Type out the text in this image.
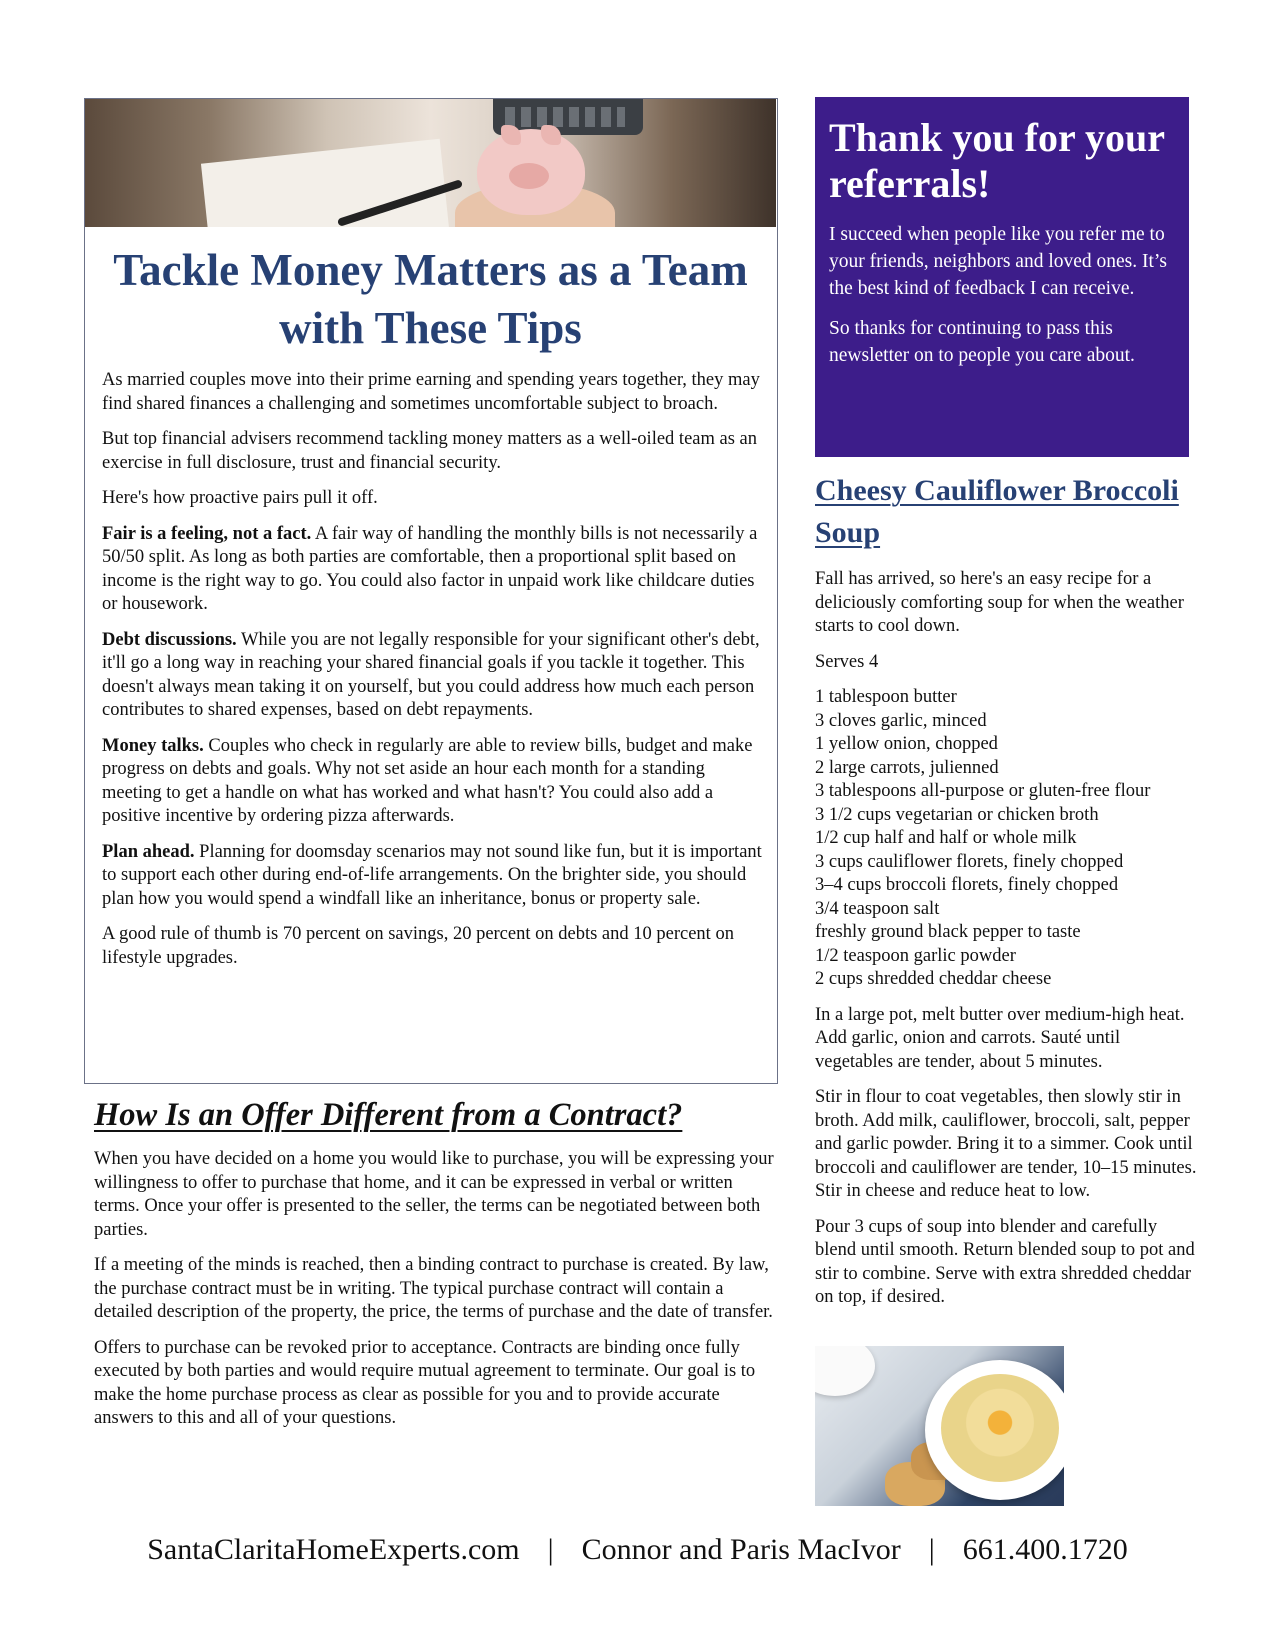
Tackle Money Matters as a Team with These Tips

As married couples move into their prime earning and spending years together, they may find shared finances a challenging and sometimes uncomfortable subject to broach.

But top financial advisers recommend tackling money matters as a well-oiled team as an exercise in full disclosure, trust and financial security.

Here's how proactive pairs pull it off.

Fair is a feeling, not a fact. A fair way of handling the monthly bills is not necessarily a 50/50 split. As long as both parties are comfortable, then a proportional split based on income is the right way to go. You could also factor in unpaid work like childcare duties or housework.

Debt discussions. While you are not legally responsible for your significant other's debt, it'll go a long way in reaching your shared financial goals if you tackle it together. This doesn't always mean taking it on yourself, but you could address how much each person contributes to shared expenses, based on debt repayments.

Money talks. Couples who check in regularly are able to review bills, budget and make progress on debts and goals. Why not set aside an hour each month for a standing meeting to get a handle on what has worked and what hasn't? You could also add a positive incentive by ordering pizza afterwards.

Plan ahead. Planning for doomsday scenarios may not sound like fun, but it is important to support each other during end-of-life arrangements. On the brighter side, you should plan how you would spend a windfall like an inheritance, bonus or property sale.

A good rule of thumb is 70 percent on savings, 20 percent on debts and 10 percent on lifestyle upgrades.

How Is an Offer Different from a Contract?

When you have decided on a home you would like to purchase, you will be expressing your willingness to offer to purchase that home, and it can be expressed in verbal or written terms. Once your offer is presented to the seller, the terms can be negotiated between both parties.

If a meeting of the minds is reached, then a binding contract to purchase is created. By law, the purchase contract must be in writing. The typical purchase contract will contain a detailed description of the property, the price, the terms of purchase and the date of transfer.

Offers to purchase can be revoked prior to acceptance. Contracts are binding once fully executed by both parties and would require mutual agreement to terminate. Our goal is to make the home purchase process as clear as possible for you and to provide accurate answers to this and all of your questions.

Thank you for your referrals!

I succeed when people like you refer me to your friends, neighbors and loved ones. It’s the best kind of feedback I can receive.

So thanks for continuing to pass this newsletter on to people you care about.

Cheesy Cauliflower Broccoli Soup

Fall has arrived, so here's an easy recipe for a deliciously comforting soup for when the weather starts to cool down.

Serves 4

1 tablespoon butter
3 cloves garlic, minced
1 yellow onion, chopped
2 large carrots, julienned
3 tablespoons all-purpose or gluten-free flour
3 1/2 cups vegetarian or chicken broth
1/2 cup half and half or whole milk
3 cups cauliflower florets, finely chopped
3–4 cups broccoli florets, finely chopped
3/4 teaspoon salt
freshly ground black pepper to taste
1/2 teaspoon garlic powder
2 cups shredded cheddar cheese

In a large pot, melt butter over medium-high heat. Add garlic, onion and carrots. Sauté until vegetables are tender, about 5 minutes.

Stir in flour to coat vegetables, then slowly stir in broth. Add milk, cauliflower, broccoli, salt, pepper and garlic powder. Bring it to a simmer. Cook until broccoli and cauliflower are tender, 10–15 minutes. Stir in cheese and reduce heat to low.

Pour 3 cups of soup into blender and carefully blend until smooth. Return blended soup to pot and stir to combine. Serve with extra shredded cheddar on top, if desired.

SantaClaritaHomeExperts.com | Connor and Paris MacIvor | 661.400.1720
